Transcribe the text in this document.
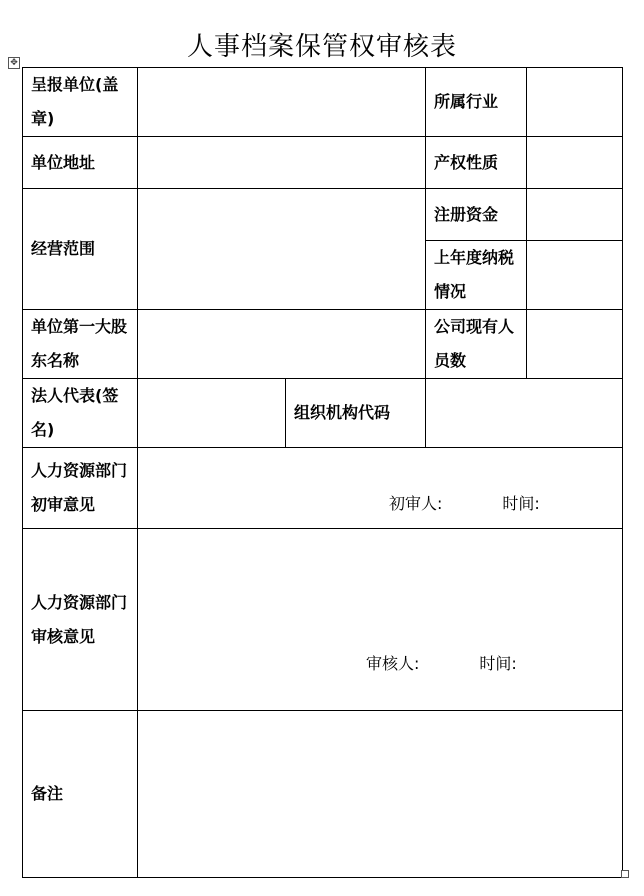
人事档案保管权审核表
✥
呈报单位(盖章)			所属行业	
单位地址			产权性质	
经营范围			注册资金	

			上年度纳税情况	

单位第一大股东名称			公司现有人员数	

法人代表(签名)		组织机构代码		

人力资源部门初审意见	初审人: 时间:			

人力资源部门审核意见	审核人: 时间:			

备注				
